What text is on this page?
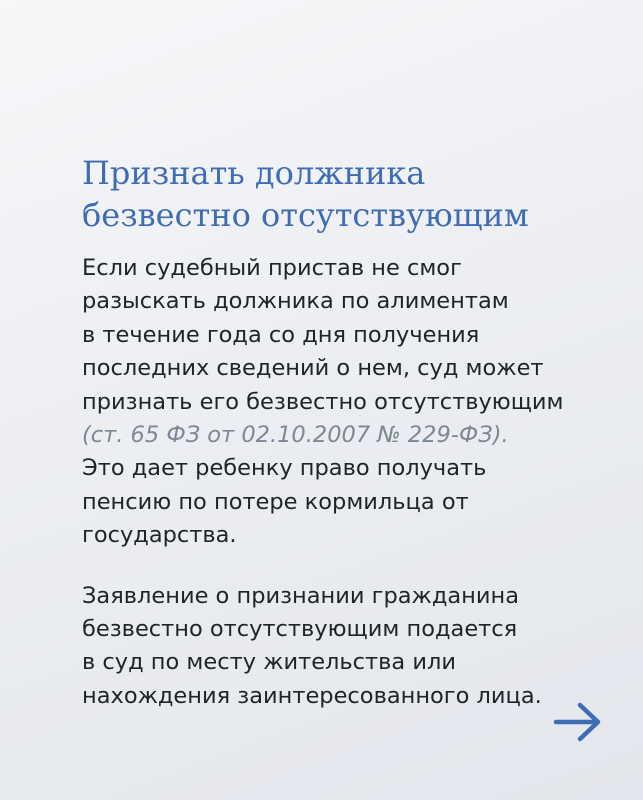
Признать должника
безвестно отсутствующим

Если судебный пристав не смог
разыскать должника по алиментам
в течение года со дня получения
последних сведений о нем, суд может
признать его безвестно отсутствующим
(ст. 65 ФЗ от 02.10.2007 № 229-ФЗ).
Это дает ребенку право получать
пенсию по потере кормильца от
государства.

Заявление о признании гражданина
безвестно отсутствующим подается
в суд по месту жительства или
нахождения заинтересованного лица.
